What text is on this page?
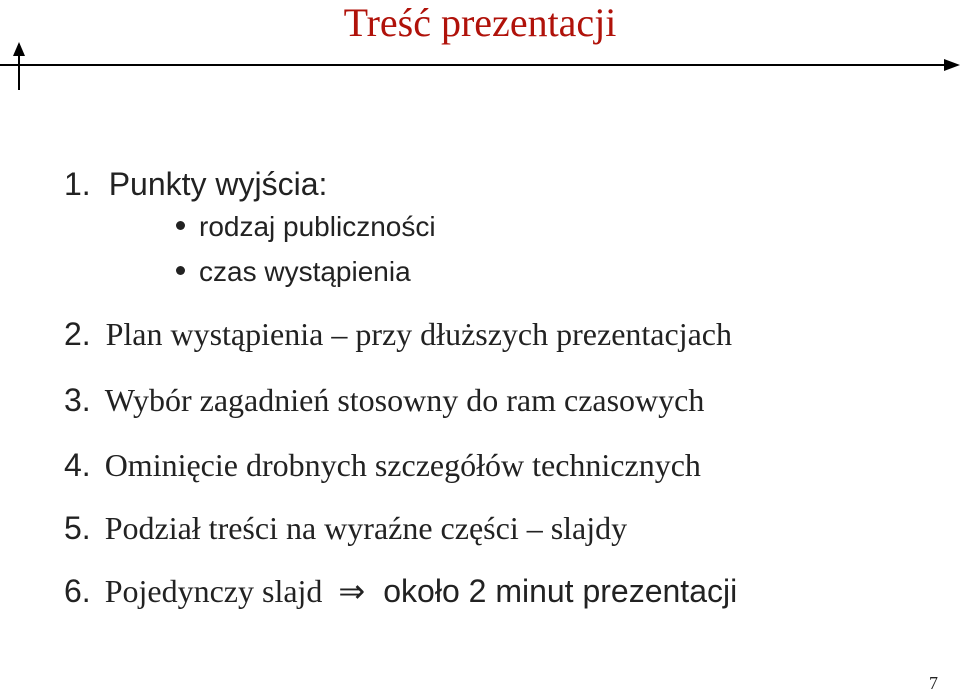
Treść prezentacji
1. Punkty wyjścia:
rodzaj publiczności
czas wystąpienia
2. Plan wystąpienia – przy dłuższych prezentacjach
3. Wybór zagadnień stosowny do ram czasowych
4. Ominięcie drobnych szczegółów technicznych
5. Podział treści na wyraźne części – slajdy
6. Pojedynczy slajd ⇒ około 2 minut prezentacji
7
